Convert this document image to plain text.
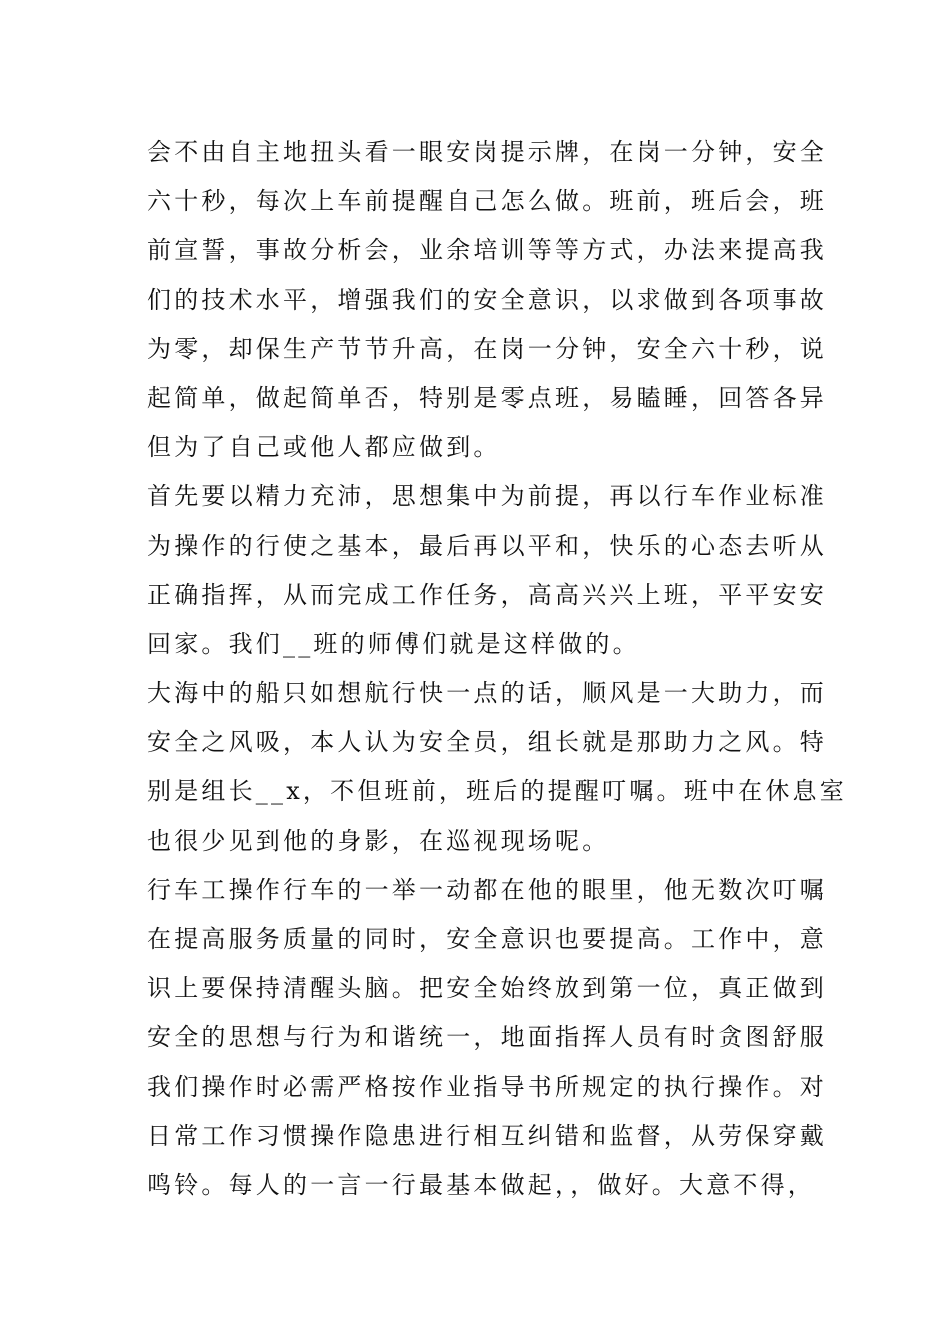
会不由自主地扭头看一眼安岗提示牌，在岗一分钟，安全
六十秒，每次上车前提醒自己怎么做。班前，班后会，班
前宣誓，事故分析会，业余培训等等方式，办法来提高我
们的技术水平，增强我们的安全意识，以求做到各项事故
为零，却保生产节节升高，在岗一分钟，安全六十秒，说
起简单，做起简单否，特别是零点班，易瞌睡，回答各异
但为了自己或他人都应做到。
首先要以精力充沛，思想集中为前提，再以行车作业标准
为操作的行使之基本，最后再以平和，快乐的心态去听从
正确指挥，从而完成工作任务，高高兴兴上班，平平安安
回家。我们__班的师傅们就是这样做的。
大海中的船只如想航行快一点的话，顺风是一大助力，而
安全之风吸，本人认为安全员，组长就是那助力之风。特
别是组长__x，不但班前，班后的提醒叮嘱。班中在休息室
也很少见到他的身影，在巡视现场呢。
行车工操作行车的一举一动都在他的眼里，他无数次叮嘱
在提高服务质量的同时，安全意识也要提高。工作中，意
识上要保持清醒头脑。把安全始终放到第一位，真正做到
安全的思想与行为和谐统一，地面指挥人员有时贪图舒服
我们操作时必需严格按作业指导书所规定的执行操作。对
日常工作习惯操作隐患进行相互纠错和监督，从劳保穿戴
鸣铃。每人的一言一行最基本做起，，做好。大意不得，
